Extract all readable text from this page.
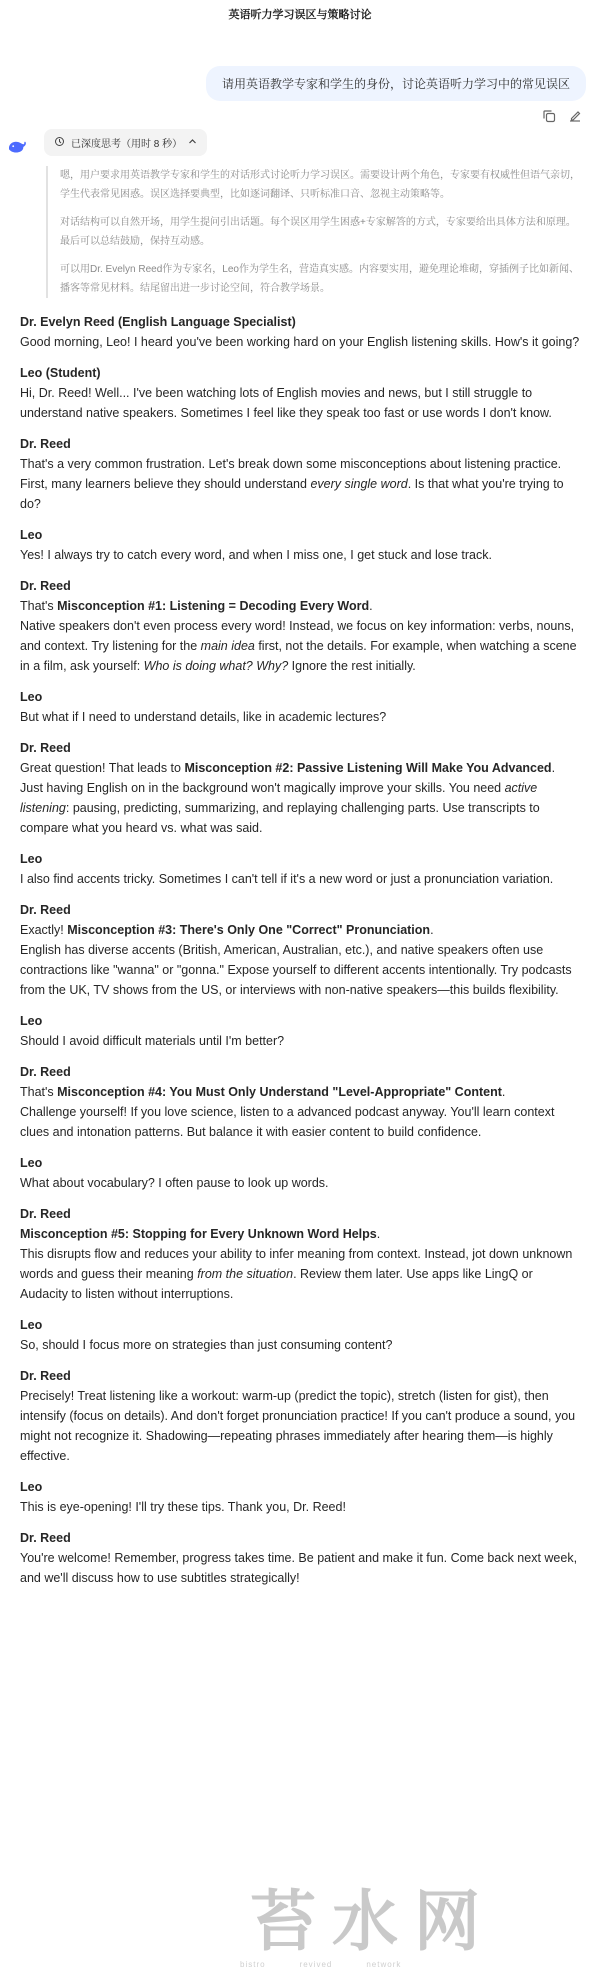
英语听力学习误区与策略讨论
请用英语教学专家和学生的身份，讨论英语听力学习中的常见误区
已深度思考（用时 8 秒）

嗯，用户要求用英语教学专家和学生的对话形式讨论听力学习误区。需要设计两个角色，专家要有权威性但语气亲切，学生代表常见困惑。误区选择要典型，比如逐词翻译、只听标准口音、忽视主动策略等。

对话结构可以自然开场，用学生提问引出话题。每个误区用学生困惑+专家解答的方式，专家要给出具体方法和原理。最后可以总结鼓励，保持互动感。

可以用Dr. Evelyn Reed作为专家名，Leo作为学生名，营造真实感。内容要实用，避免理论堆砌，穿插例子比如新闻、播客等常见材料。结尾留出进一步讨论空间，符合教学场景。

Dr. Evelyn Reed (English Language Specialist)

Good morning, Leo! I heard you've been working hard on your English listening skills. How's it going?

Leo (Student)

Hi, Dr. Reed! Well... I've been watching lots of English movies and news, but I still struggle to understand native speakers. Sometimes I feel like they speak too fast or use words I don't know.

Dr. Reed

That's a very common frustration. Let's break down some misconceptions about listening practice. First, many learners believe they should understand every single word. Is that what you're trying to do?

Leo

Yes! I always try to catch every word, and when I miss one, I get stuck and lose track.

Dr. Reed

That's Misconception #1: Listening = Decoding Every Word.

Native speakers don't even process every word! Instead, we focus on key information: verbs, nouns, and context. Try listening for the main idea first, not the details. For example, when watching a scene in a film, ask yourself: Who is doing what? Why? Ignore the rest initially.

Leo

But what if I need to understand details, like in academic lectures?

Dr. Reed

Great question! That leads to Misconception #2: Passive Listening Will Make You Advanced.

Just having English on in the background won't magically improve your skills. You need active listening: pausing, predicting, summarizing, and replaying challenging parts. Use transcripts to compare what you heard vs. what was said.

Leo

I also find accents tricky. Sometimes I can't tell if it's a new word or just a pronunciation variation.

Dr. Reed

Exactly! Misconception #3: There's Only One "Correct" Pronunciation.

English has diverse accents (British, American, Australian, etc.), and native speakers often use contractions like "wanna" or "gonna." Expose yourself to different accents intentionally. Try podcasts from the UK, TV shows from the US, or interviews with non-native speakers—this builds flexibility.

Leo

Should I avoid difficult materials until I'm better?

Dr. Reed

That's Misconception #4: You Must Only Understand "Level-Appropriate" Content.

Challenge yourself! If you love science, listen to a advanced podcast anyway. You'll learn context clues and intonation patterns. But balance it with easier content to build confidence.

Leo

What about vocabulary? I often pause to look up words.

Dr. Reed

Misconception #5: Stopping for Every Unknown Word Helps.

This disrupts flow and reduces your ability to infer meaning from context. Instead, jot down unknown words and guess their meaning from the situation. Review them later. Use apps like LingQ or Audacity to listen without interruptions.

Leo

So, should I focus more on strategies than just consuming content?

Dr. Reed

Precisely! Treat listening like a workout: warm-up (predict the topic), stretch (listen for gist), then intensify (focus on details). And don't forget pronunciation practice! If you can't produce a sound, you might not recognize it. Shadowing—repeating phrases immediately after hearing them—is highly effective.

Leo

This is eye-opening! I'll try these tips. Thank you, Dr. Reed!

Dr. Reed

You're welcome! Remember, progress takes time. Be patient and make it fun. Come back next week, and we'll discuss how to use subtitles strategically!

苔水网
bistro	revived	network
